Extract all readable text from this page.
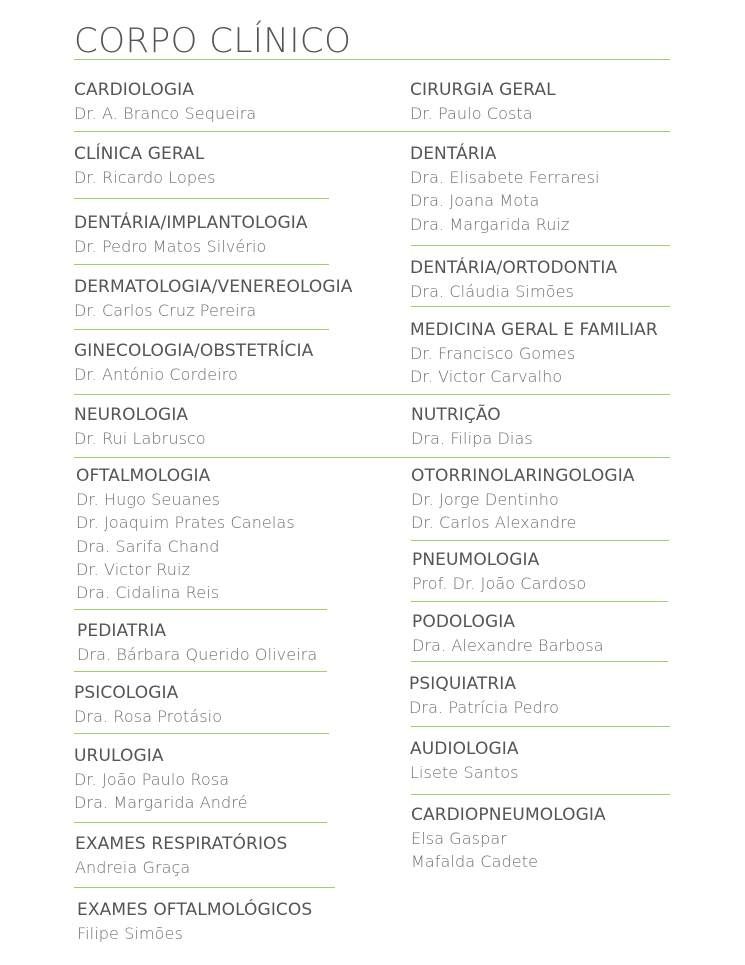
CORPO CLÍNICO
CARDIOLOGIA
Dr. A. Branco Sequeira
CLÍNICA GERAL
Dr. Ricardo Lopes
DENTÁRIA/IMPLANTOLOGIA
Dr. Pedro Matos Silvério
DERMATOLOGIA/VENEREOLOGIA
Dr. Carlos Cruz Pereira
GINECOLOGIA/OBSTETRÍCIA
Dr. António Cordeiro
NEUROLOGIA
Dr. Rui Labrusco
OFTALMOLOGIA
Dr. Hugo Seuanes
Dr. Joaquim Prates Canelas
Dra. Sarifa Chand
Dr. Victor Ruiz
Dra. Cidalina Reis
PEDIATRIA
Dra. Bárbara Querido Oliveira
PSICOLOGIA
Dra. Rosa Protásio
URULOGIA
Dr. João Paulo Rosa
Dra. Margarida André
EXAMES RESPIRATÓRIOS
Andreia Graça
EXAMES OFTALMOLÓGICOS
Filipe Simões
CIRURGIA GERAL
Dr. Paulo Costa
DENTÁRIA
Dra. Elisabete Ferraresi
Dra. Joana Mota
Dra. Margarida Ruiz
DENTÁRIA/ORTODONTIA
Dra. Cláudia Simões
MEDICINA GERAL E FAMILIAR
Dr. Francisco Gomes
Dr. Victor Carvalho
NUTRIÇÃO
Dra. Filipa Dias
OTORRINOLARINGOLOGIA
Dr. Jorge Dentinho
Dr. Carlos Alexandre
PNEUMOLOGIA
Prof. Dr. João Cardoso
PODOLOGIA
Dra. Alexandre Barbosa
PSIQUIATRIA
Dra. Patrícia Pedro
AUDIOLOGIA
Lisete Santos
CARDIOPNEUMOLOGIA
Elsa Gaspar
Mafalda Cadete
